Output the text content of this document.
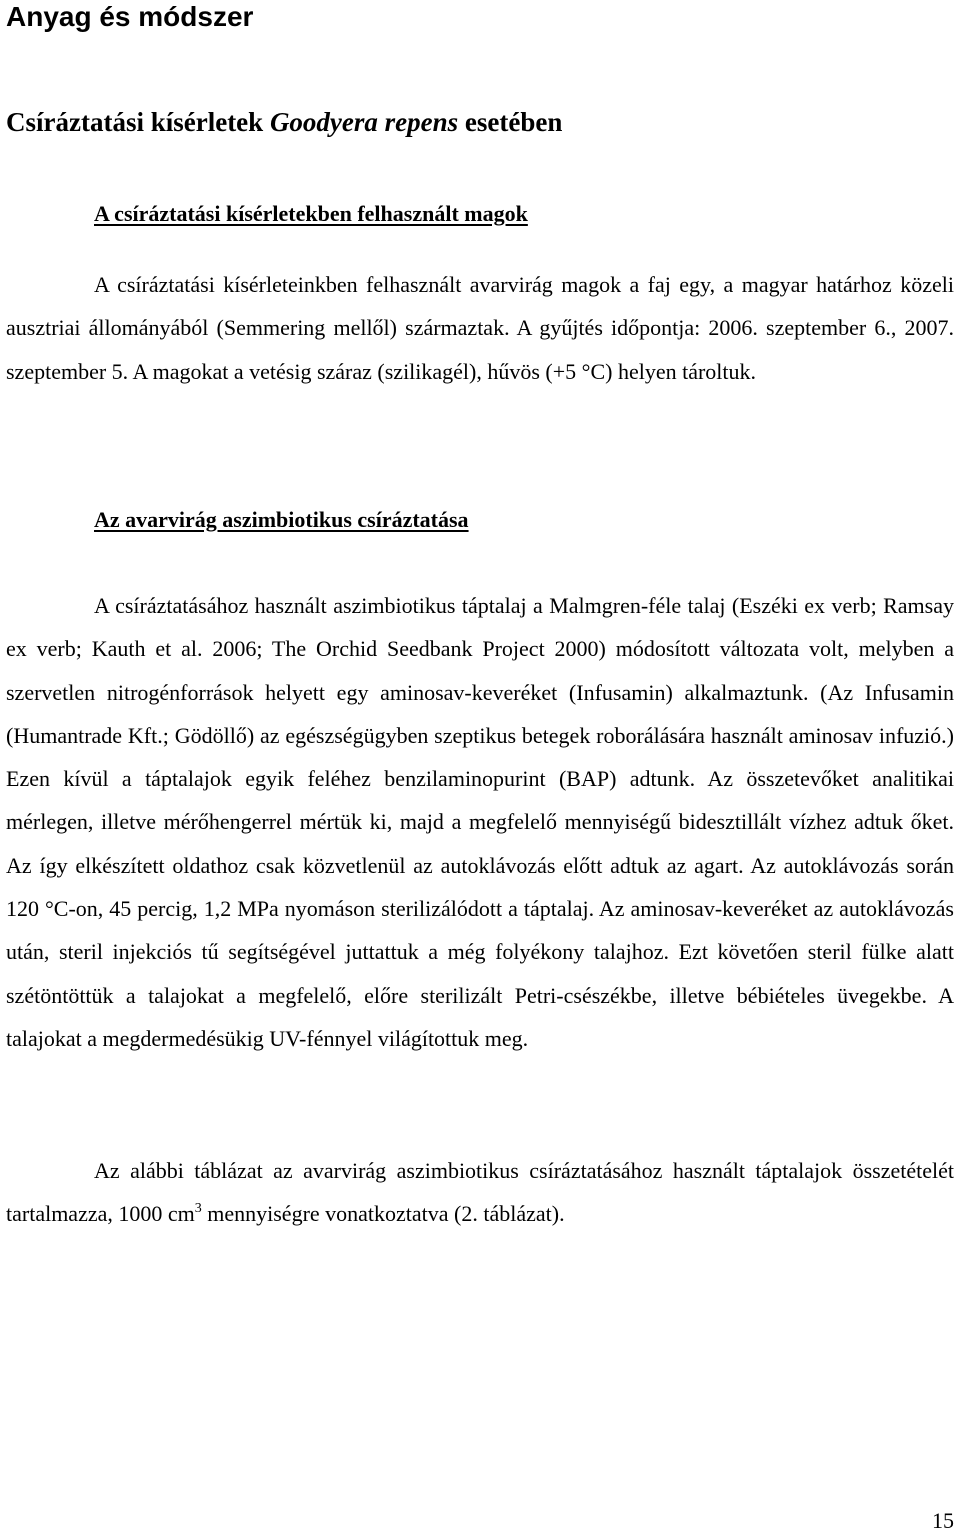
Anyag és módszer
Csíráztatási kísérletek Goodyera repens esetében
A csíráztatási kísérletekben felhasznált magok

A csíráztatási kísérleteinkben felhasznált avarvirág magok a faj egy, a magyar határhoz közeli ausztriai állományából (Semmering mellől) származtak. A gyűjtés időpontja: 2006. szeptember 6., 2007. szeptember 5. A magokat a vetésig száraz (szilikagél), hűvös (+5 °C) helyen tároltuk.

Az avarvirág aszimbiotikus csíráztatása

A csíráztatásához használt aszimbiotikus táptalaj a Malmgren-féle talaj (Eszéki ex verb; Ramsay ex verb; Kauth et al. 2006; The Orchid Seedbank Project 2000) módosított változata volt, melyben a szervetlen nitrogénforrások helyett egy aminosav-keveréket (Infusamin) alkalmaztunk. (Az Infusamin (Humantrade Kft.; Gödöllő) az egészségügyben szeptikus betegek roborálására használt aminosav infuzió.) Ezen kívül a táptalajok egyik feléhez benzilaminopurint (BAP) adtunk. Az összetevőket analitikai mérlegen, illetve mérőhengerrel mértük ki, majd a megfelelő mennyiségű bidesztillált vízhez adtuk őket. Az így elkészített oldathoz csak közvetlenül az autoklávozás előtt adtuk az agart. Az autoklávozás során 120 °C-on, 45 percig, 1,2 MPa nyomáson sterilizálódott a táptalaj. Az aminosav-keveréket az autoklávozás után, steril injekciós tű segítségével juttattuk a még folyékony talajhoz. Ezt követően steril fülke alatt szétöntöttük a talajokat a megfelelő, előre sterilizált Petri-csészékbe, illetve bébiételes üvegekbe. A talajokat a megdermedésükig UV-fénnyel világítottuk meg.

Az alábbi táblázat az avarvirág aszimbiotikus csíráztatásához használt táptalajok összetételét tartalmazza, 1000 $cm^3$ mennyiségre vonatkoztatva (2. táblázat).

15
